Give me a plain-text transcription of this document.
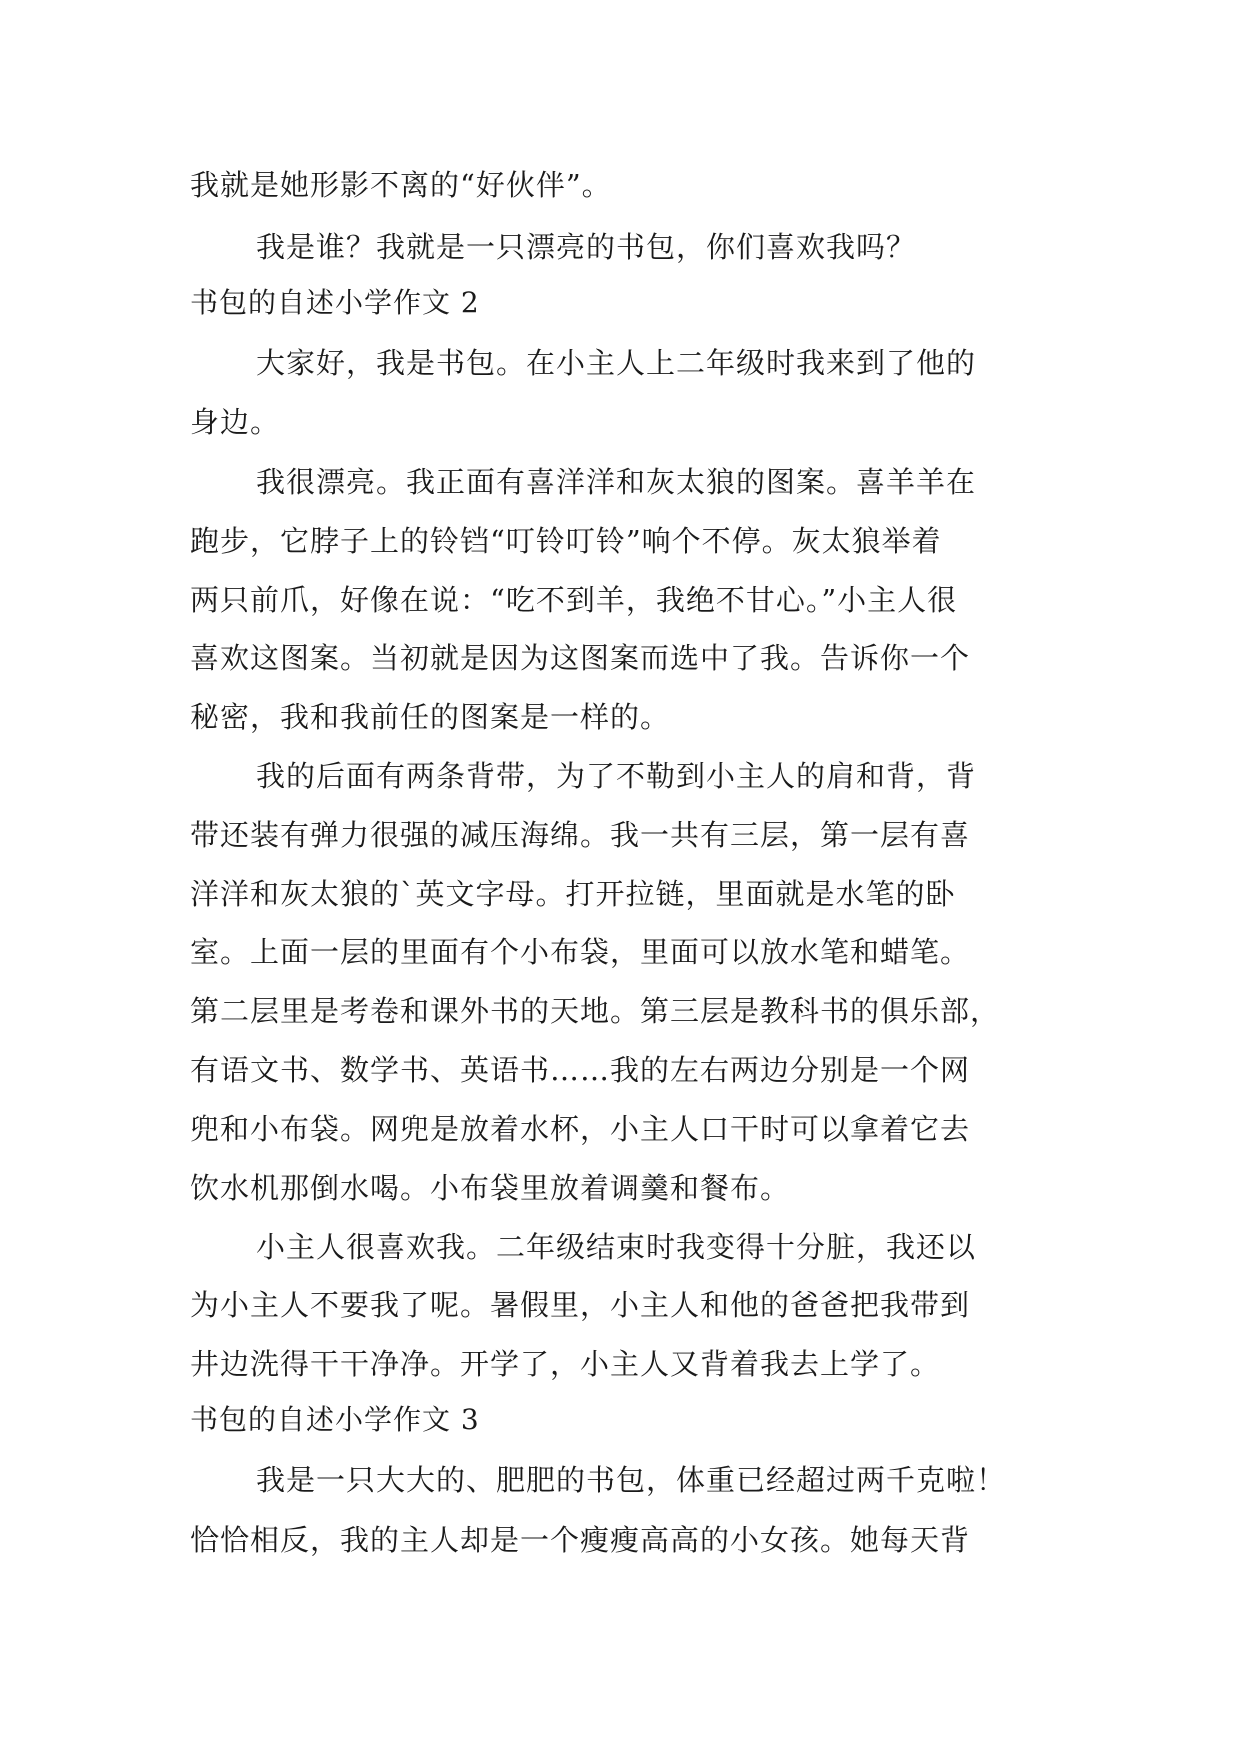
我就是她形影不离的“好伙伴”。
我是谁？我就是一只漂亮的书包，你们喜欢我吗？
书包的自述小学作文 2
大家好，我是书包。在小主人上二年级时我来到了他的
身边。
我很漂亮。我正面有喜洋洋和灰太狼的图案。喜羊羊在
跑步，它脖子上的铃铛“叮铃叮铃”响个不停。灰太狼举着
两只前爪，好像在说：“吃不到羊，我绝不甘心。”小主人很
喜欢这图案。当初就是因为这图案而选中了我。告诉你一个
秘密，我和我前任的图案是一样的。
我的后面有两条背带，为了不勒到小主人的肩和背，背
带还装有弹力很强的减压海绵。我一共有三层，第一层有喜
洋洋和灰太狼的`英文字母。打开拉链，里面就是水笔的卧
室。上面一层的里面有个小布袋，里面可以放水笔和蜡笔。
第二层里是考卷和课外书的天地。第三层是教科书的俱乐部，
有语文书、数学书、英语书……我的左右两边分别是一个网
兜和小布袋。网兜是放着水杯，小主人口干时可以拿着它去
饮水机那倒水喝。小布袋里放着调羹和餐布。
小主人很喜欢我。二年级结束时我变得十分脏，我还以
为小主人不要我了呢。暑假里，小主人和他的爸爸把我带到
井边洗得干干净净。开学了，小主人又背着我去上学了。
书包的自述小学作文 3
我是一只大大的、肥肥的书包，体重已经超过两千克啦！
恰恰相反，我的主人却是一个瘦瘦高高的小女孩。她每天背
